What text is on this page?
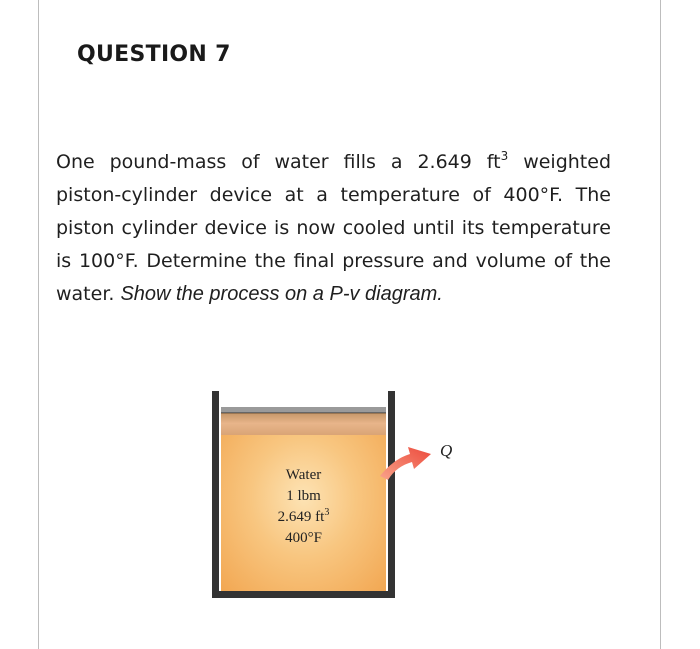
QUESTION 7
One pound-mass of water fills a 2.649 $ft^3$ weighted piston-cylinder device at a temperature of 400°F. The piston cylinder device is now cooled until its temperature is 100°F. Determine the final pressure and volume of the water. Show the process on a P-v diagram.
Water
1 lbm
2.649 $ft^3$
400°F
Q
